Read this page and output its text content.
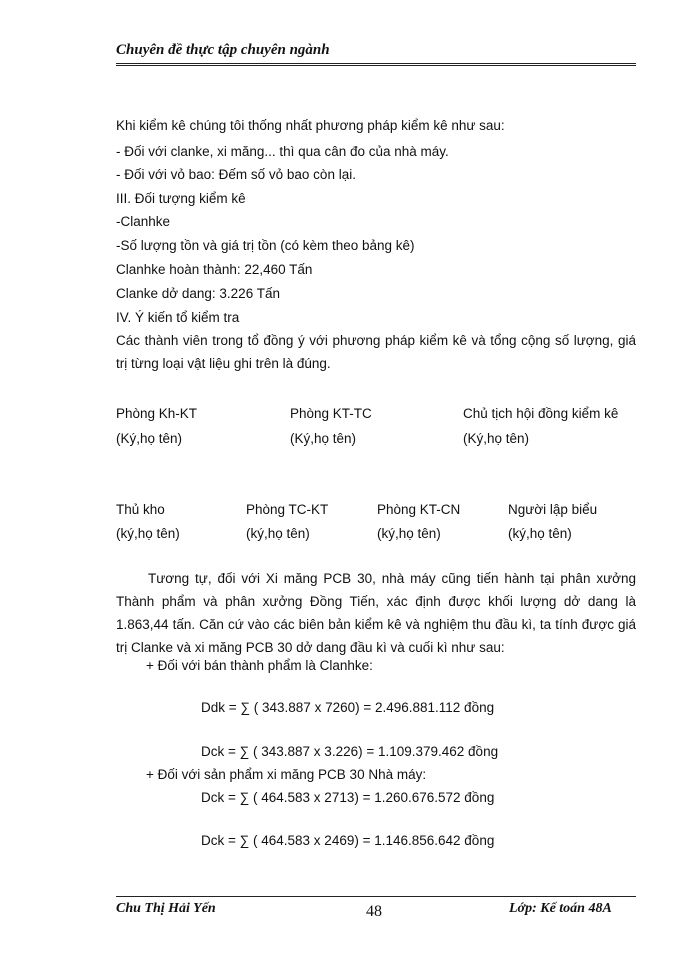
Chuyên đề thực tập chuyên ngành
Khi kiểm kê chúng tôi thống nhất phương pháp kiểm kê như sau:
- Đối với clanke, xi măng... thì qua cân đo của nhà máy.
- Đối với vỏ bao: Đếm số vỏ bao còn lại.
III. Đối tượng kiểm kê
-Clanhke
-Số lượng tồn và giá trị tồn (có kèm theo bảng kê)
Clanhke hoàn thành: 22,460 Tấn
Clanke dở dang: 3.226 Tấn
IV. Ý kiến tổ kiểm tra
Các thành viên trong tổ đồng ý với phương pháp kiểm kê và tổng cộng số lượng, giá trị từng loại vật liệu ghi trên là đúng.
Phòng Kh-KT
(Ký,họ tên)
Phòng KT-TC
(Ký,họ tên)
Chủ tịch hội đồng kiểm kê
(Ký,họ tên)
Thủ kho
(ký,họ tên)
Phòng TC-KT
(ký,họ tên)
Phòng KT-CN
(ký,họ tên)
Người lập biểu
(ký,họ tên)
Tương tự, đối với Xi măng PCB 30, nhà máy cũng tiến hành tại phân xưởng Thành phẩm và phân xưởng Đồng Tiến, xác định được khối lượng dở dang là 1.863,44 tấn. Căn cứ vào các biên bản kiểm kê và nghiệm thu đầu kì, ta tính được giá trị Clanke và xi măng PCB 30 dở dang đầu kì và cuối kì như sau:
+ Đối với bán thành phẩm là Clanhke:
Ddk = ∑ ( 343.887 x 7260) = 2.496.881.112 đồng
Dck = ∑ ( 343.887 x 3.226) = 1.109.379.462 đồng
+ Đối với sản phẩm xi măng PCB 30 Nhà máy:
Dck = ∑ ( 464.583 x 2713) = 1.260.676.572 đồng
Dck = ∑ ( 464.583 x 2469) = 1.146.856.642 đồng
Chu Thị Hải Yến	48	Lớp: Kế toán 48A
